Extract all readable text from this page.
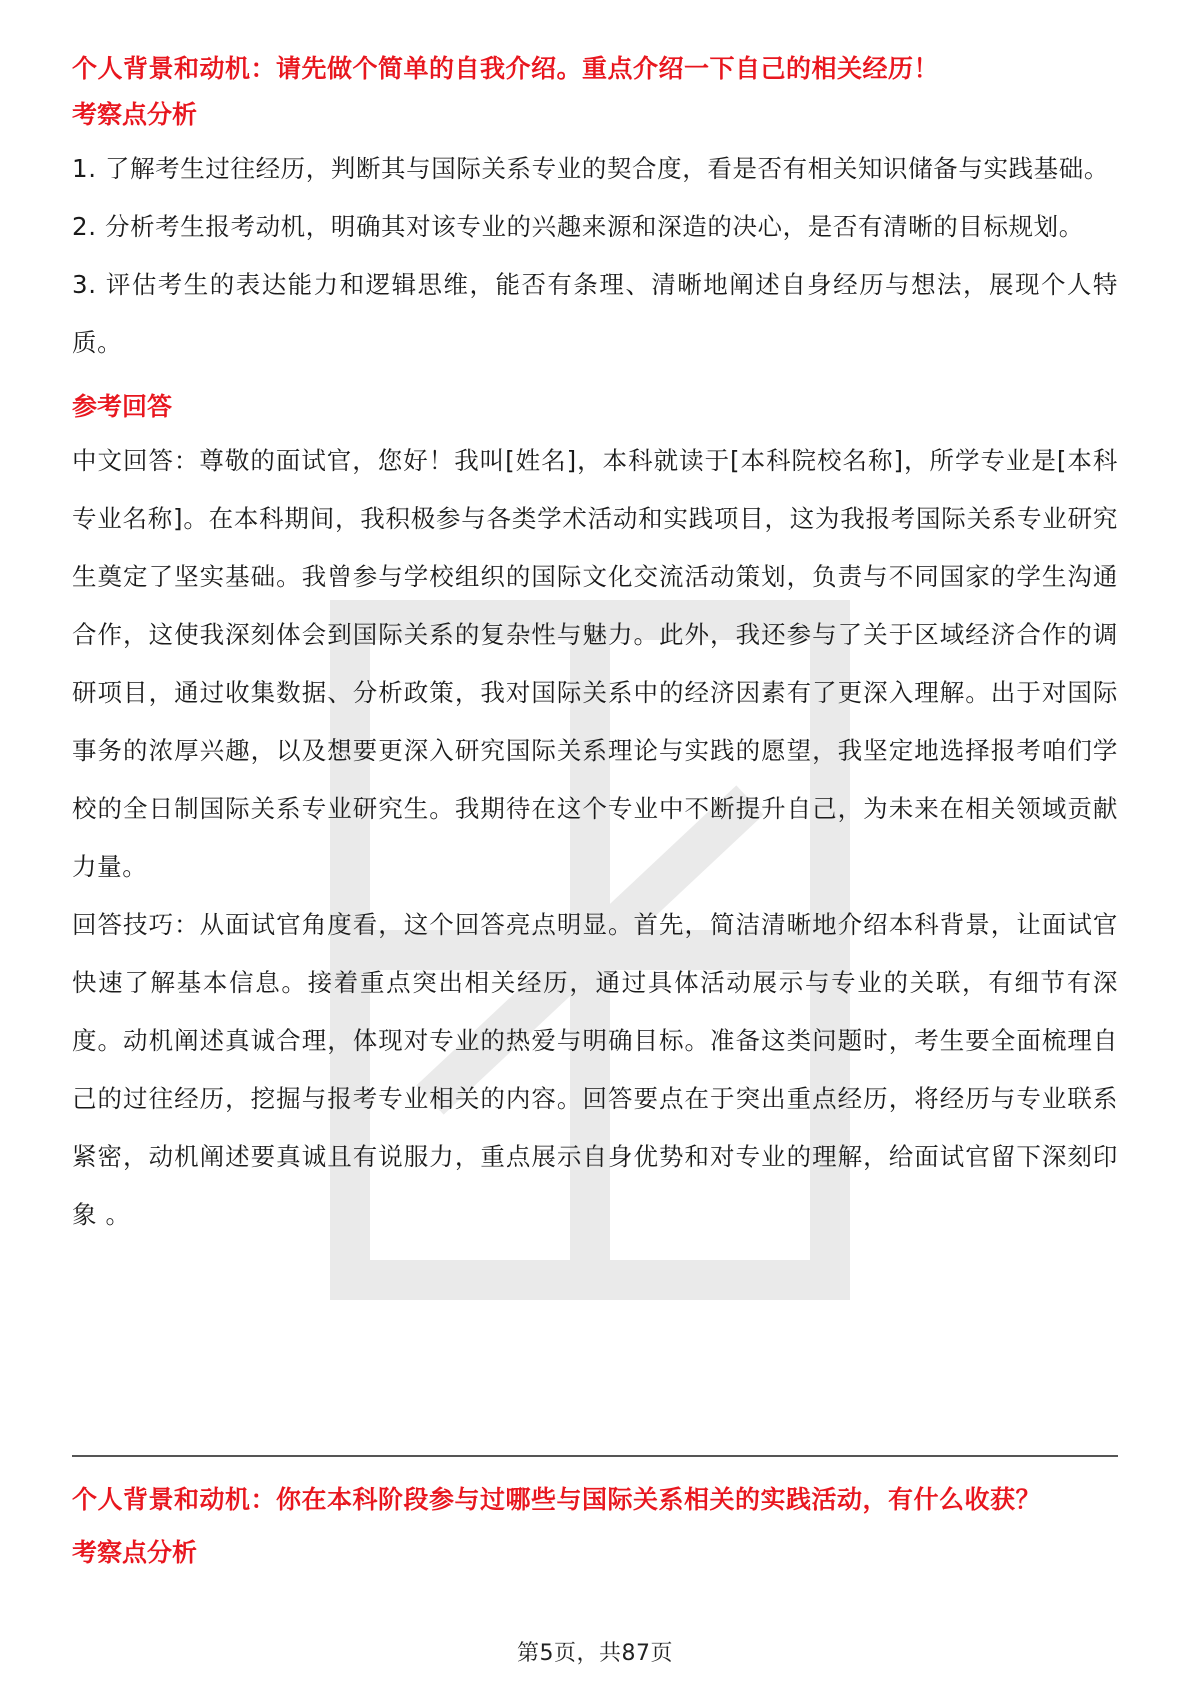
个人背景和动机：请先做个简单的自我介绍。重点介绍一下自己的相关经历！
考察点分析

1. 了解考生过往经历，判断其与国际关系专业的契合度，看是否有相关知识储备与实践基础。

2. 分析考生报考动机，明确其对该专业的兴趣来源和深造的决心，是否有清晰的目标规划。

3. 评估考生的表达能力和逻辑思维，能否有条理、清晰地阐述自身经历与想法，展现个人特质。

参考回答

中文回答：尊敬的面试官，您好！我叫[姓名]，本科就读于[本科院校名称]，所学专业是[本科专业名称]。在本科期间，我积极参与各类学术活动和实践项目，这为我报考国际关系专业研究生奠定了坚实基础。我曾参与学校组织的国际文化交流活动策划，负责与不同国家的学生沟通合作，这使我深刻体会到国际关系的复杂性与魅力。此外，我还参与了关于区域经济合作的调研项目，通过收集数据、分析政策，我对国际关系中的经济因素有了更深入理解。出于对国际事务的浓厚兴趣，以及想要更深入研究国际关系理论与实践的愿望，我坚定地选择报考咱们学校的全日制国际关系专业研究生。我期待在这个专业中不断提升自己，为未来在相关领域贡献力量。

回答技巧：从面试官角度看，这个回答亮点明显。首先，简洁清晰地介绍本科背景，让面试官快速了解基本信息。接着重点突出相关经历，通过具体活动展示与专业的关联，有细节有深度。动机阐述真诚合理，体现对专业的热爱与明确目标。准备这类问题时，考生要全面梳理自己的过往经历，挖掘与报考专业相关的内容。回答要点在于突出重点经历，将经历与专业联系紧密，动机阐述要真诚且有说服力，重点展示自身优势和对专业的理解，给面试官留下深刻印象 。

个人背景和动机：你在本科阶段参与过哪些与国际关系相关的实践活动，有什么收获？
考察点分析
第5页，共87页
